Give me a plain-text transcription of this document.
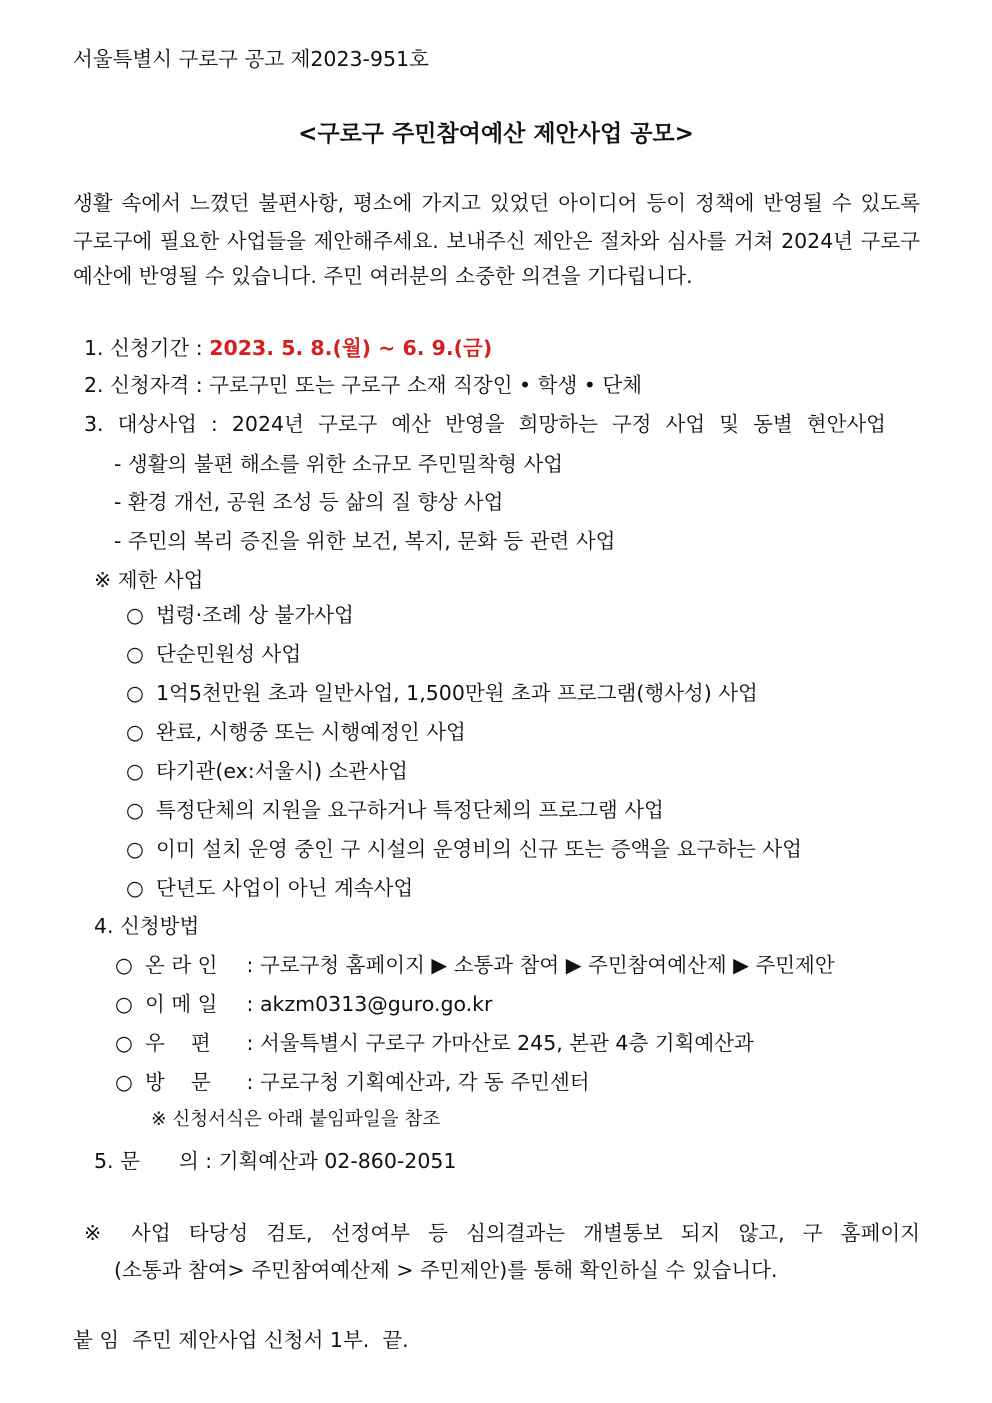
서울특별시 구로구 공고 제2023-951호
<구로구 주민참여예산 제안사업 공모>
생활 속에서 느꼈던 불편사항, 평소에 가지고 있었던 아이디어 등이 정책에 반영될 수 있도록
구로구에 필요한 사업들을 제안해주세요. 보내주신 제안은 절차와 심사를 거쳐 2024년 구로구
예산에 반영될 수 있습니다. 주민 여러분의 소중한 의견을 기다립니다.
1. 신청기간 : 2023. 5. 8.(월) ~ 6. 9.(금)
2. 신청자격 : 구로구민 또는 구로구 소재 직장인 • 학생 • 단체
3. 대상사업 : 2024년 구로구 예산 반영을 희망하는 구정 사업 및 동별 현안사업
- 생활의 불편 해소를 위한 소규모 주민밀착형 사업
- 환경 개선, 공원 조성 등 삶의 질 향상 사업
- 주민의 복리 증진을 위한 보건, 복지, 문화 등 관련 사업
※ 제한 사업
○ 법령·조례 상 불가사업
○ 단순민원성 사업
○ 1억5천만원 초과 일반사업, 1,500만원 초과 프로그램(행사성) 사업
○ 완료, 시행중 또는 시행예정인 사업
○ 타기관(ex:서울시) 소관사업
○ 특정단체의 지원을 요구하거나 특정단체의 프로그램 사업
○ 이미 설치 운영 중인 구 시설의 운영비의 신규 또는 증액을 요구하는 사업
○ 단년도 사업이 아닌 계속사업
4. 신청방법
○ 온 라 인 : 구로구청 홈페이지 ▶ 소통과 참여 ▶ 주민참여예산제 ▶ 주민제안
○ 이 메 일 : akzm0313@guro.go.kr
○ 우    편 : 서울특별시 구로구 가마산로 245, 본관 4층 기획예산과
○ 방    문 : 구로구청 기획예산과, 각 동 주민센터
※ 신청서식은 아래 붙임파일을 참조
5. 문      의 : 기획예산과 02-860-2051
※ 사업 타당성 검토, 선정여부 등 심의결과는 개별통보 되지 않고, 구 홈페이지
(소통과 참여> 주민참여예산제 > 주민제안)를 통해 확인하실 수 있습니다.
붙 임  주민 제안사업 신청서 1부.  끝.
